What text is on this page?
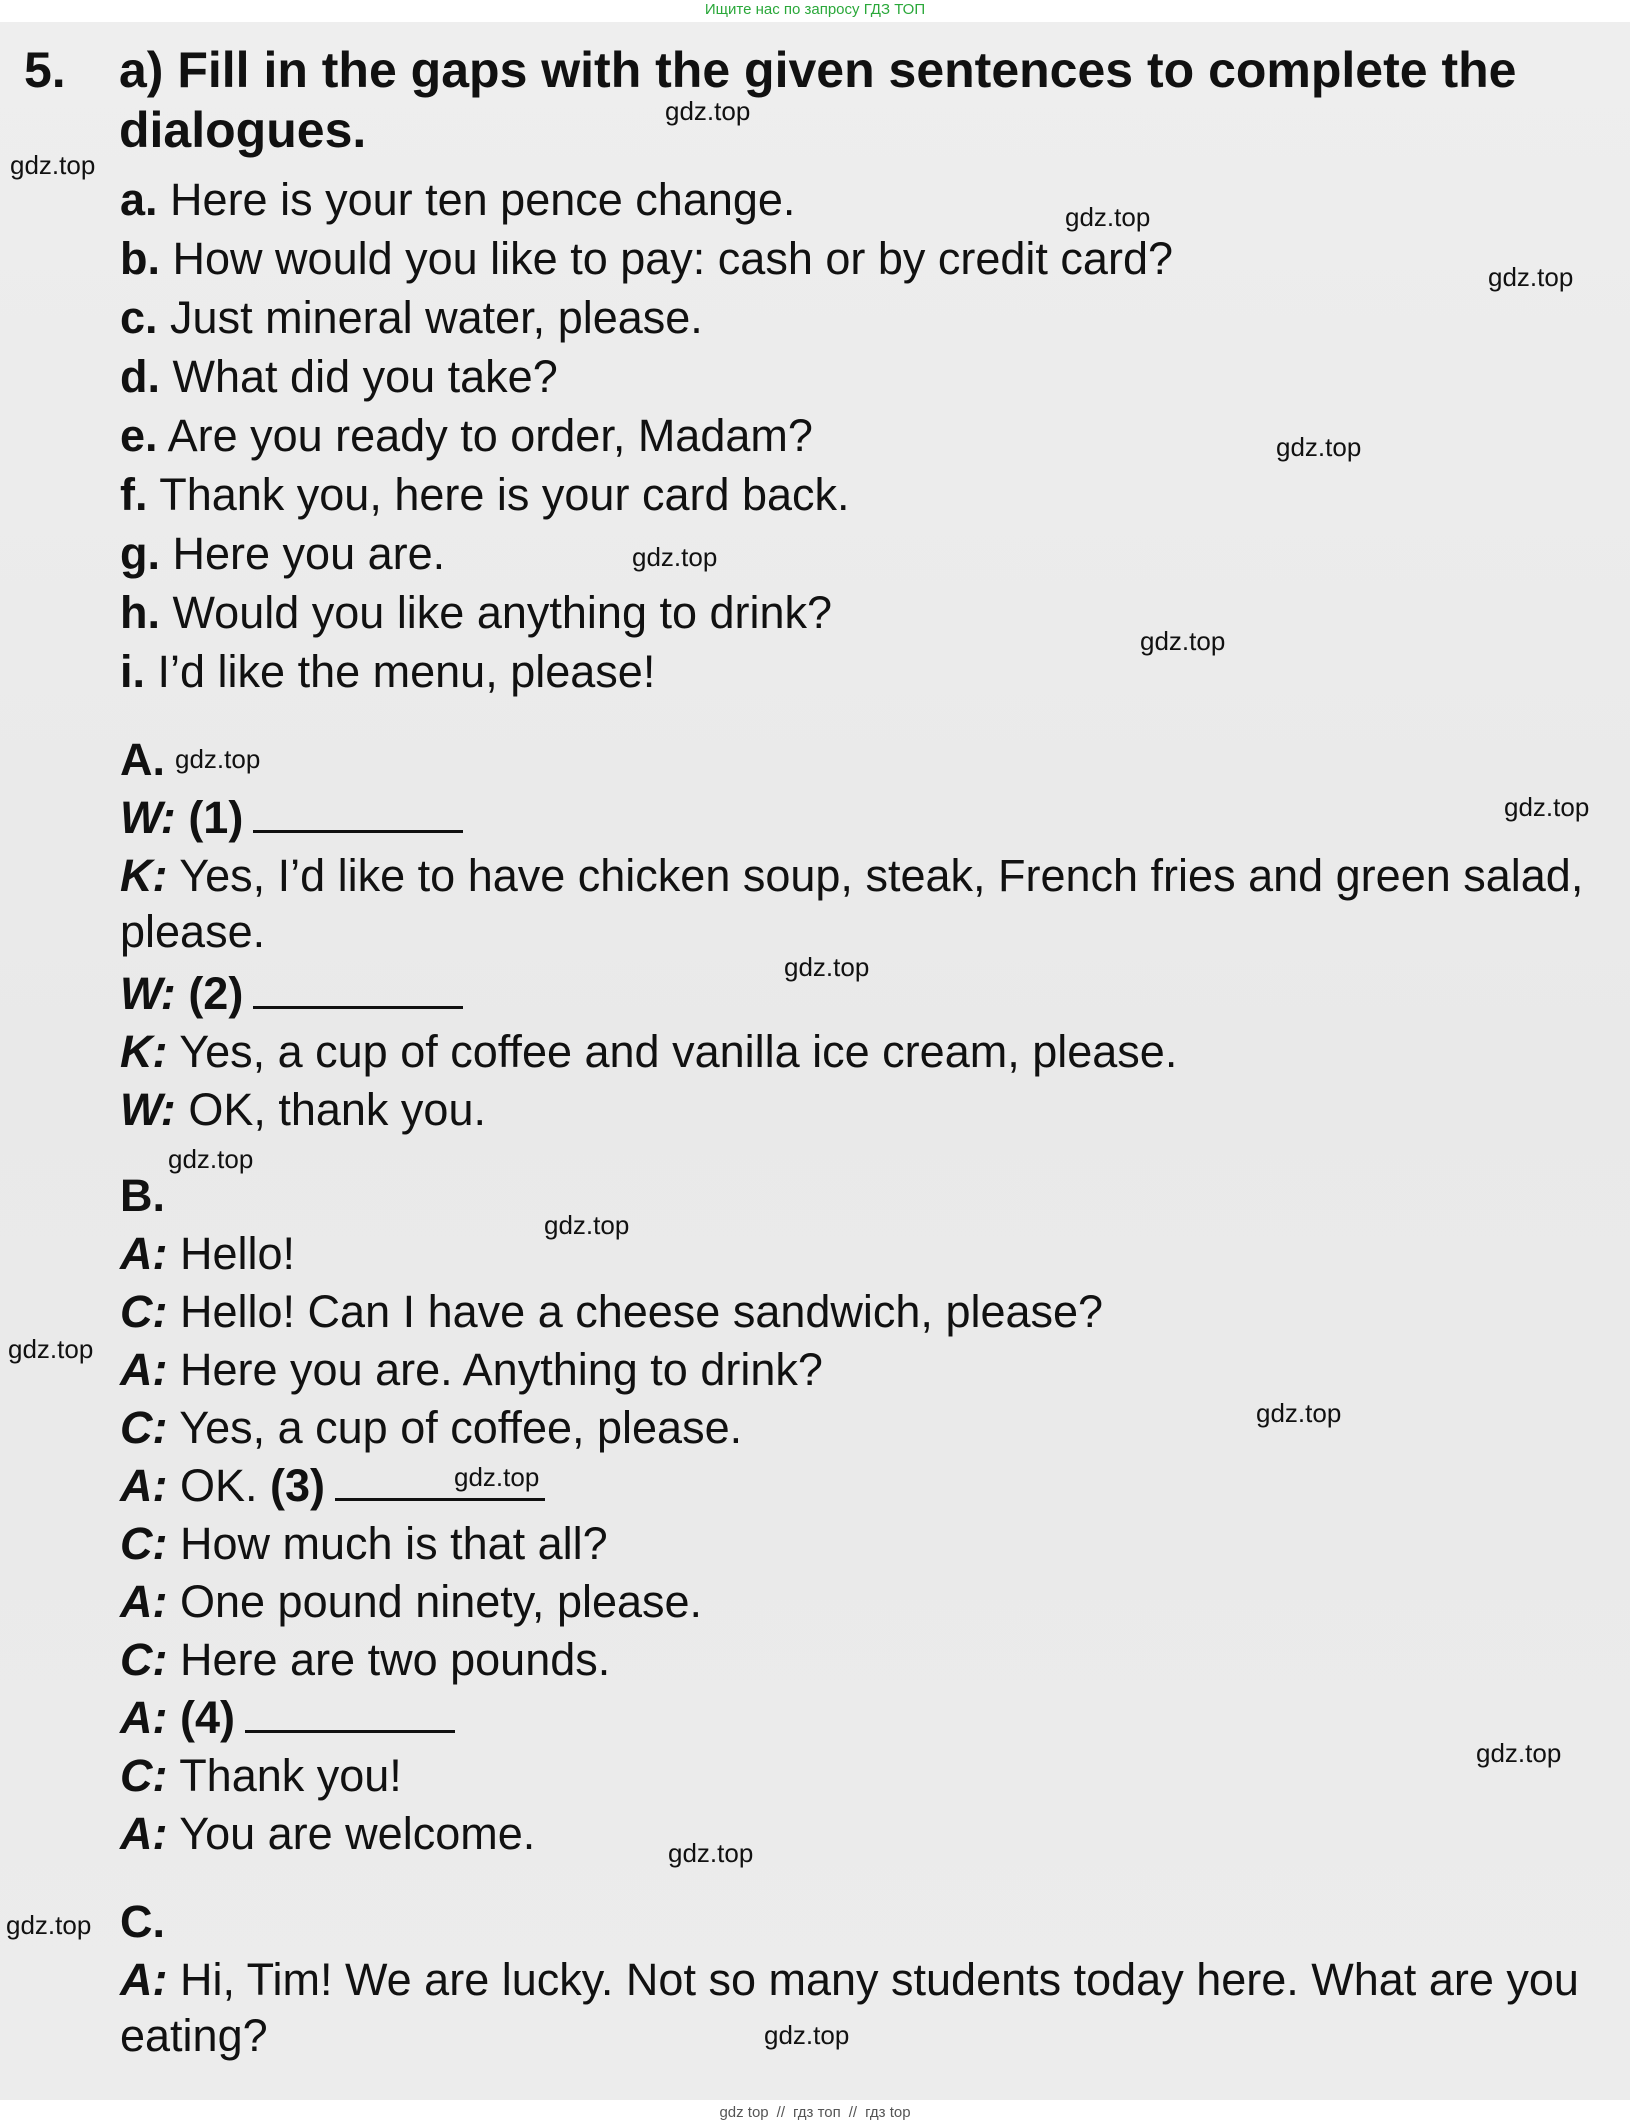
Ищите нас по запросу ГДЗ ТОП
5. a) Fill in the gaps with the given sentences to complete the dialogues.
a. Here is your ten pence change.
b. How would you like to pay: cash or by credit card?
c. Just mineral water, please.
d. What did you take?
e. Are you ready to order, Madam?
f. Thank you, here is your card back.
g. Here you are.
h. Would you like anything to drink?
i. I’d like the menu, please!
A.
W: (1)
K: Yes, I’d like to have chicken soup, steak, French fries and green salad, please.
W: (2)
K: Yes, a cup of coffee and vanilla ice cream, please.
W: OK, thank you.
B.
A: Hello!
C: Hello! Can I have a cheese sandwich, please?
A: Here you are. Anything to drink?
C: Yes, a cup of coffee, please.
A: OK. (3)
C: How much is that all?
A: One pound ninety, please.
C: Here are two pounds.
A: (4)
C: Thank you!
A: You are welcome.
C.
A: Hi, Tim! We are lucky. Not so many students today here. What are you eating?
gdz.top
gdz.top
gdz.top
gdz.top
gdz.top
gdz.top
gdz.top
gdz.top
gdz.top
gdz.top
gdz.top
gdz.top
gdz.top
gdz.top
gdz.top
gdz.top
gdz.top
gdz.top
gdz.top
gdz top // гдз топ // гдз top
